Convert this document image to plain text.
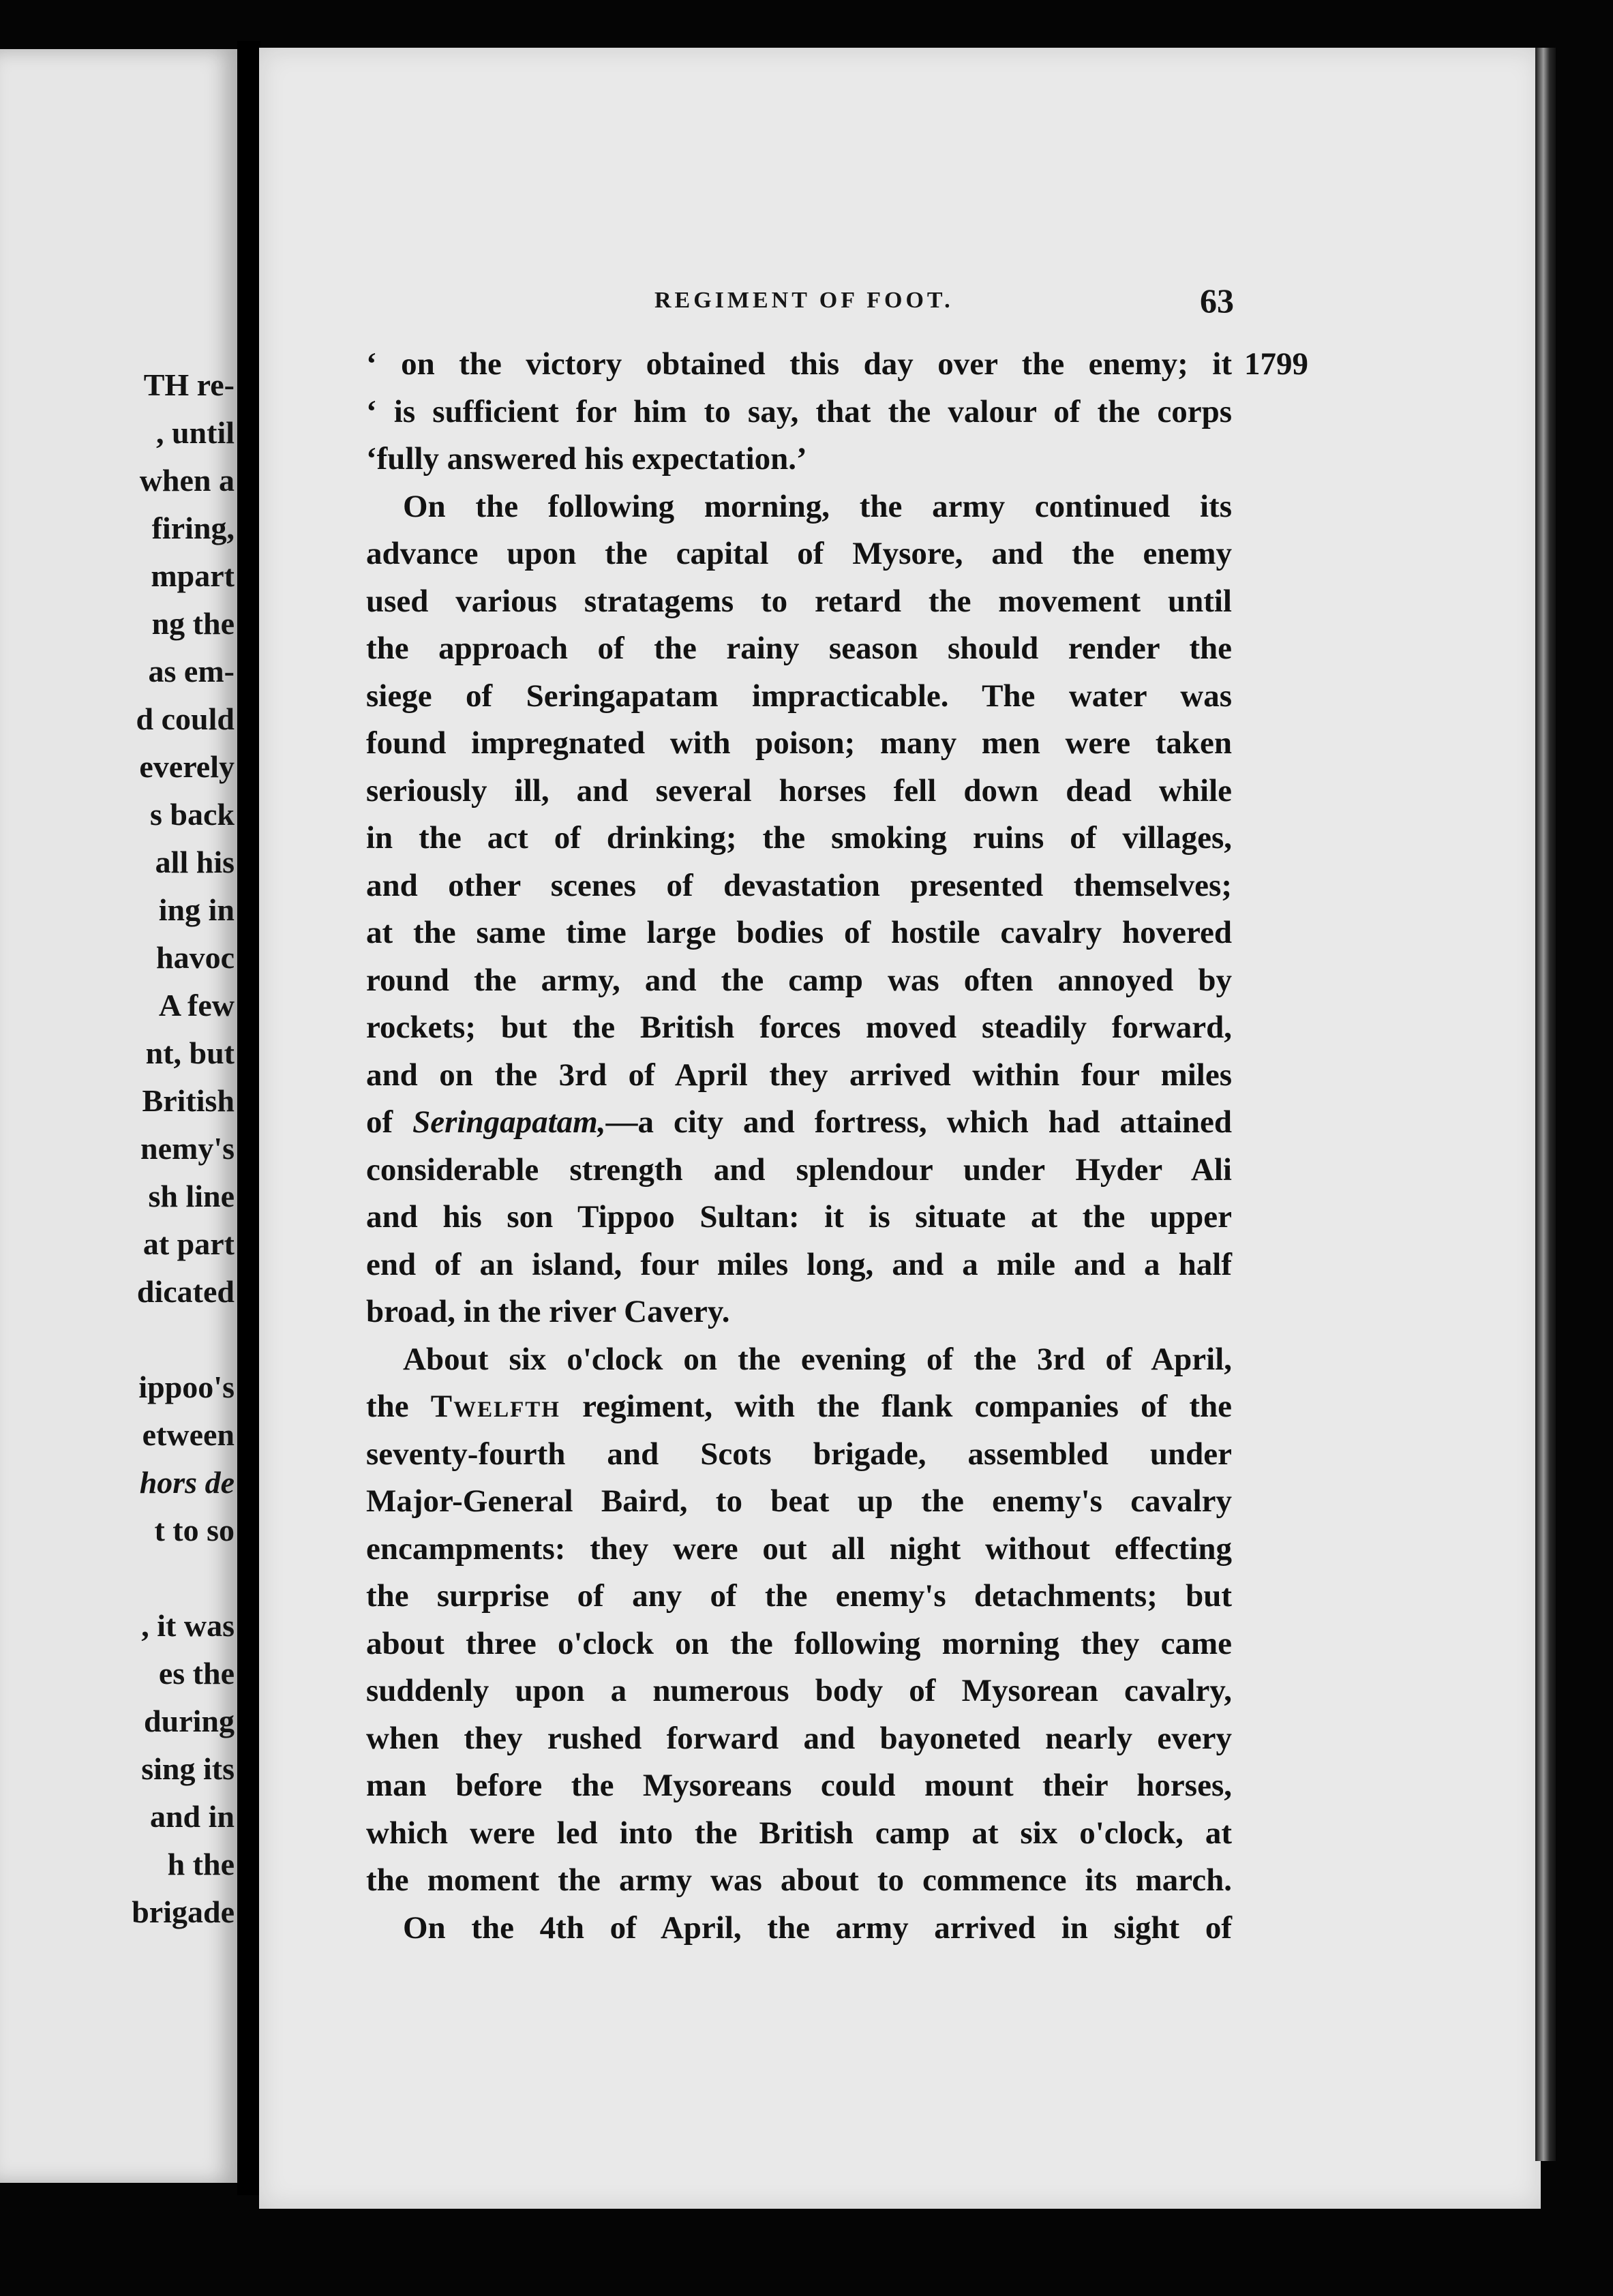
TH re-
, until
when a
firing,
mpart
ng the
as em-
d could
everely
s back
all his
ing in
havoc
A few
nt, but
British
nemy's
sh line
at part
dicated

ippoo's
etween
hors de
t to so

, it was
es the
during
sing its
and in
h the
brigade
REGIMENT OF FOOT.	63
1799
‘ on the victory obtained this day over the enemy; it
‘ is sufficient for him to say, that the valour of the corps
‘fully answered his expectation.’
On the following morning, the army continued its
advance upon the capital of Mysore, and the enemy
used various stratagems to retard the movement until
the approach of the rainy season should render the
siege of Seringapatam impracticable. The water was
found impregnated with poison; many men were taken
seriously ill, and several horses fell down dead while
in the act of drinking; the smoking ruins of villages,
and other scenes of devastation presented themselves;
at the same time large bodies of hostile cavalry hovered
round the army, and the camp was often annoyed by
rockets; but the British forces moved steadily forward,
and on the 3rd of April they arrived within four miles
of Seringapatam,—a city and fortress, which had attained
considerable strength and splendour under Hyder Ali
and his son Tippoo Sultan: it is situate at the upper
end of an island, four miles long, and a mile and a half
broad, in the river Cavery.
About six o'clock on the evening of the 3rd of April,
the Twelfth regiment, with the flank companies of the
seventy-fourth and Scots brigade, assembled under
Major-General Baird, to beat up the enemy's cavalry
encampments: they were out all night without effecting
the surprise of any of the enemy's detachments; but
about three o'clock on the following morning they came
suddenly upon a numerous body of Mysorean cavalry,
when they rushed forward and bayoneted nearly every
man before the Mysoreans could mount their horses,
which were led into the British camp at six o'clock, at
the moment the army was about to commence its march.
On the 4th of April, the army arrived in sight of
